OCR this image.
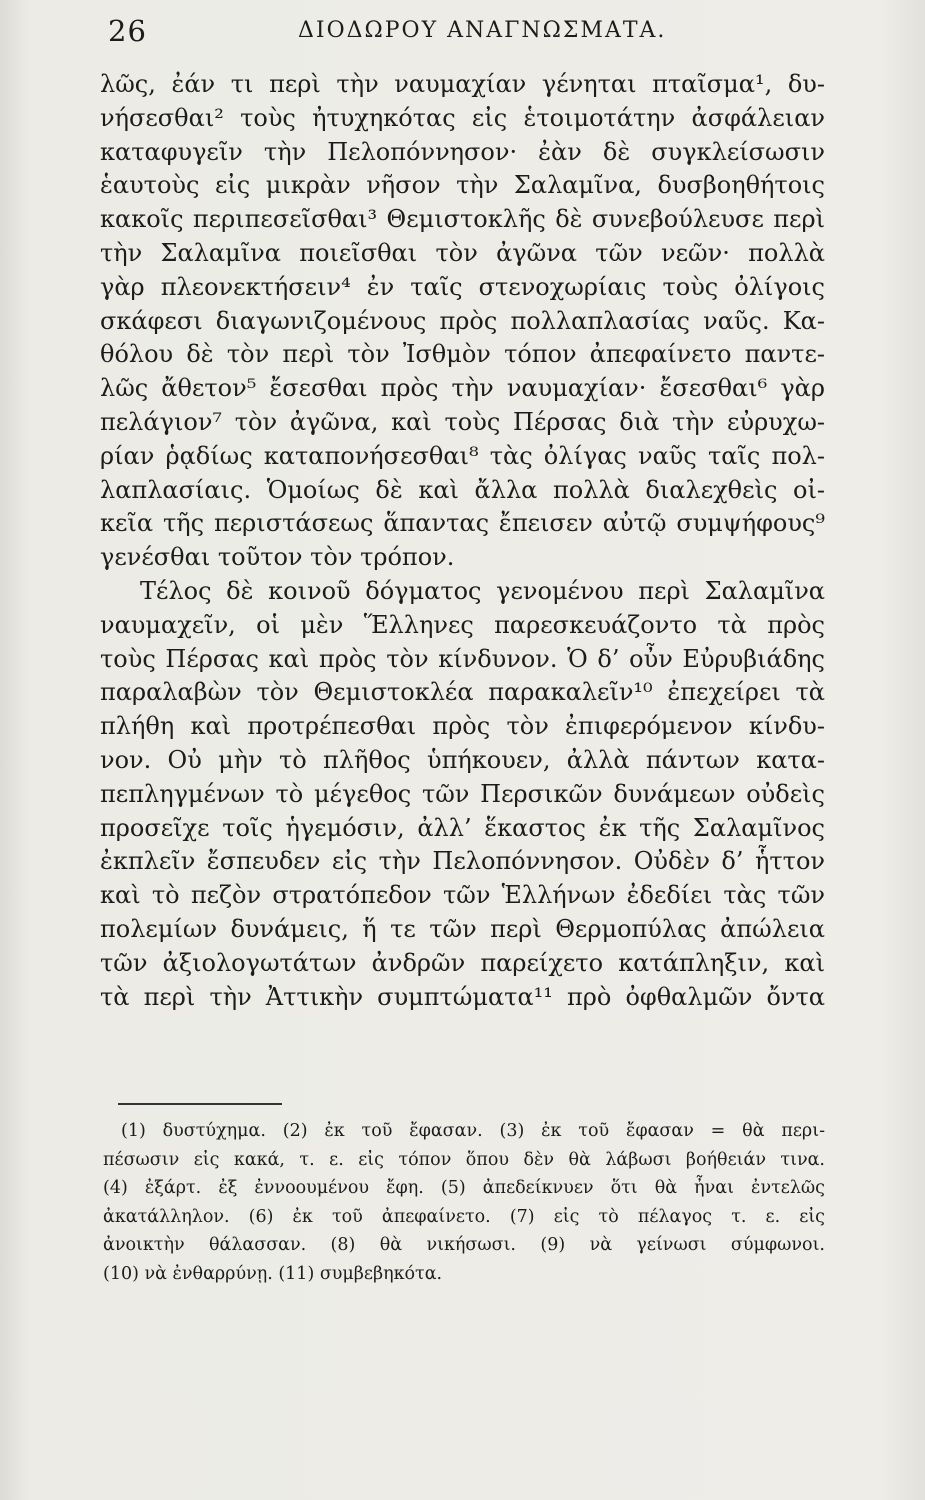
26	ΔΙΟΔΩΡΟΥ ΑΝΑΓΝΩΣΜΑΤΑ.
λῶς, ἐάν τι περὶ τὴν ναυμαχίαν γένηται πταῖσμα¹, δυ-
νήσεσθαι² τοὺς ἠτυχηκότας εἰς ἑτοιμοτάτην ἀσφάλειαν
καταφυγεῖν τὴν Πελοπόννησον· ἐὰν δὲ συγκλείσωσιν
ἑαυτοὺς εἰς μικρὰν νῆσον τὴν Σαλαμῖνα, δυσβοηθήτοις
κακοῖς περιπεσεῖσθαι³ Θεμιστοκλῆς δὲ συνεβούλευσε περὶ
τὴν Σαλαμῖνα ποιεῖσθαι τὸν ἀγῶνα τῶν νεῶν· πολλὰ
γὰρ πλεονεκτήσειν⁴ ἐν ταῖς στενοχωρίαις τοὺς ὀλίγοις
σκάφεσι διαγωνιζομένους πρὸς πολλαπλασίας ναῦς. Κα-
θόλου δὲ τὸν περὶ τὸν Ἰσθμὸν τόπον ἀπεφαίνετο παντε-
λῶς ἄθετον⁵ ἔσεσθαι πρὸς τὴν ναυμαχίαν· ἔσεσθαι⁶ γὰρ
πελάγιον⁷ τὸν ἀγῶνα, καὶ τοὺς Πέρσας διὰ τὴν εὐρυχω-
ρίαν ῥᾳδίως καταπονήσεσθαι⁸ τὰς ὀλίγας ναῦς ταῖς πολ-
λαπλασίαις. Ὁμοίως δὲ καὶ ἄλλα πολλὰ διαλεχθεὶς οἰ-
κεῖα τῆς περιστάσεως ἅπαντας ἔπεισεν αὐτῷ συμψήφους⁹
γενέσθαι τοῦτον τὸν τρόπον.
Τέλος δὲ κοινοῦ δόγματος γενομένου περὶ Σαλαμῖνα
ναυμαχεῖν, οἱ μὲν Ἕλληνες παρεσκευάζοντο τὰ πρὸς
τοὺς Πέρσας καὶ πρὸς τὸν κίνδυνον. Ὁ δ’ οὖν Εὐρυβιάδης
παραλαβὼν τὸν Θεμιστοκλέα παρακαλεῖν¹⁰ ἐπεχείρει τὰ
πλήθη καὶ προτρέπεσθαι πρὸς τὸν ἐπιφερόμενον κίνδυ-
νον. Οὐ μὴν τὸ πλῆθος ὑπήκουεν, ἀλλὰ πάντων κατα-
πεπληγμένων τὸ μέγεθος τῶν Περσικῶν δυνάμεων οὐδεὶς
προσεῖχε τοῖς ἡγεμόσιν, ἀλλ’ ἕκαστος ἐκ τῆς Σαλαμῖνος
ἐκπλεῖν ἔσπευδεν εἰς τὴν Πελοπόννησον. Οὐδὲν δ’ ἧττον
καὶ τὸ πεζὸν στρατόπεδον τῶν Ἑλλήνων ἐδεδίει τὰς τῶν
πολεμίων δυνάμεις, ἥ τε τῶν περὶ Θερμοπύλας ἀπώλεια
τῶν ἀξιολογωτάτων ἀνδρῶν παρείχετο κατάπληξιν, καὶ
τὰ περὶ τὴν Ἀττικὴν συμπτώματα¹¹ πρὸ ὀφθαλμῶν ὄντα
(1) δυστύχημα. (2) ἐκ τοῦ ἔφασαν. (3) ἐκ τοῦ ἔφασαν = θὰ περι-
πέσωσιν εἰς κακά, τ. ε. εἰς τόπον ὅπου δὲν θὰ λάβωσι βοήθειάν τινα.
(4) ἐξάρτ. ἐξ ἐννοουμένου ἔφη. (5) ἀπεδείκνυεν ὅτι θὰ ἦναι ἐντελῶς
ἀκατάλληλον. (6) ἐκ τοῦ ἀπεφαίνετο. (7) εἰς τὸ πέλαγος τ. ε. εἰς
ἀνοικτὴν θάλασσαν. (8) θὰ νικήσωσι. (9) νὰ γείνωσι σύμφωνοι.
(10) νὰ ἐνθαρρύνῃ. (11) συμβεβηκότα.
